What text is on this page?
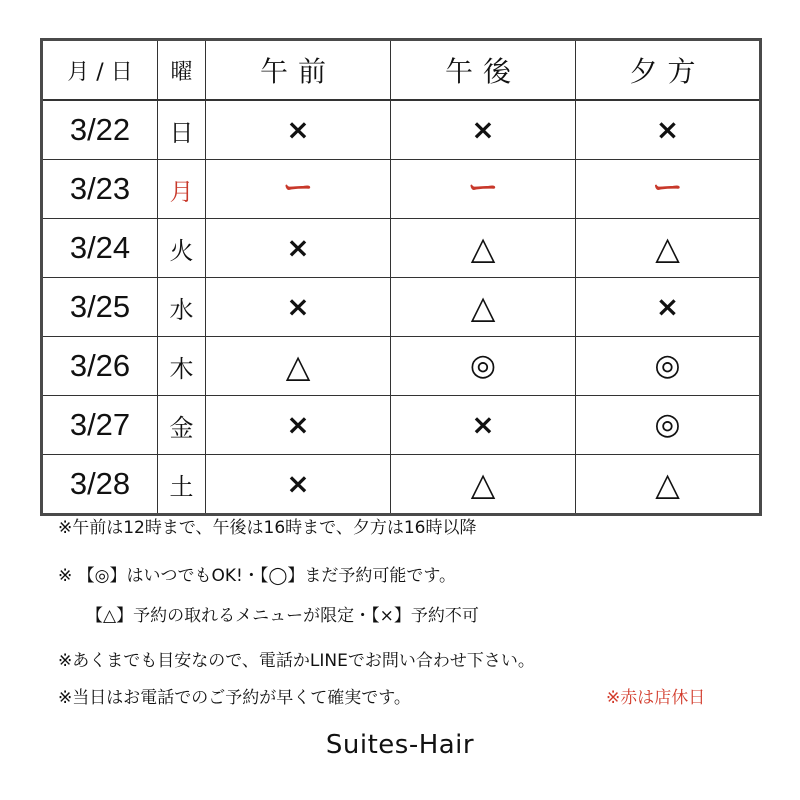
月 / 日	曜	午前	午後	夕方
3/22	日	×	×	×
3/23	月	ー	ー	ー
3/24	火	×	△	△
3/25	水	×	△	×
3/26	木	△	◎	◎
3/27	金	×	×	◎
3/28	土	×	△	△
※午前は12時まで、午後は16時まで、夕方は16時以降
※ 【◎】はいつでもOK!・【◯】まだ予約可能です。
【△】予約の取れるメニューが限定・【×】予約不可
※あくまでも目安なので、電話かLINEでお問い合わせ下さい。
※当日はお電話でのご予約が早くて確実です。	※赤は店休日
Suites-Hair
